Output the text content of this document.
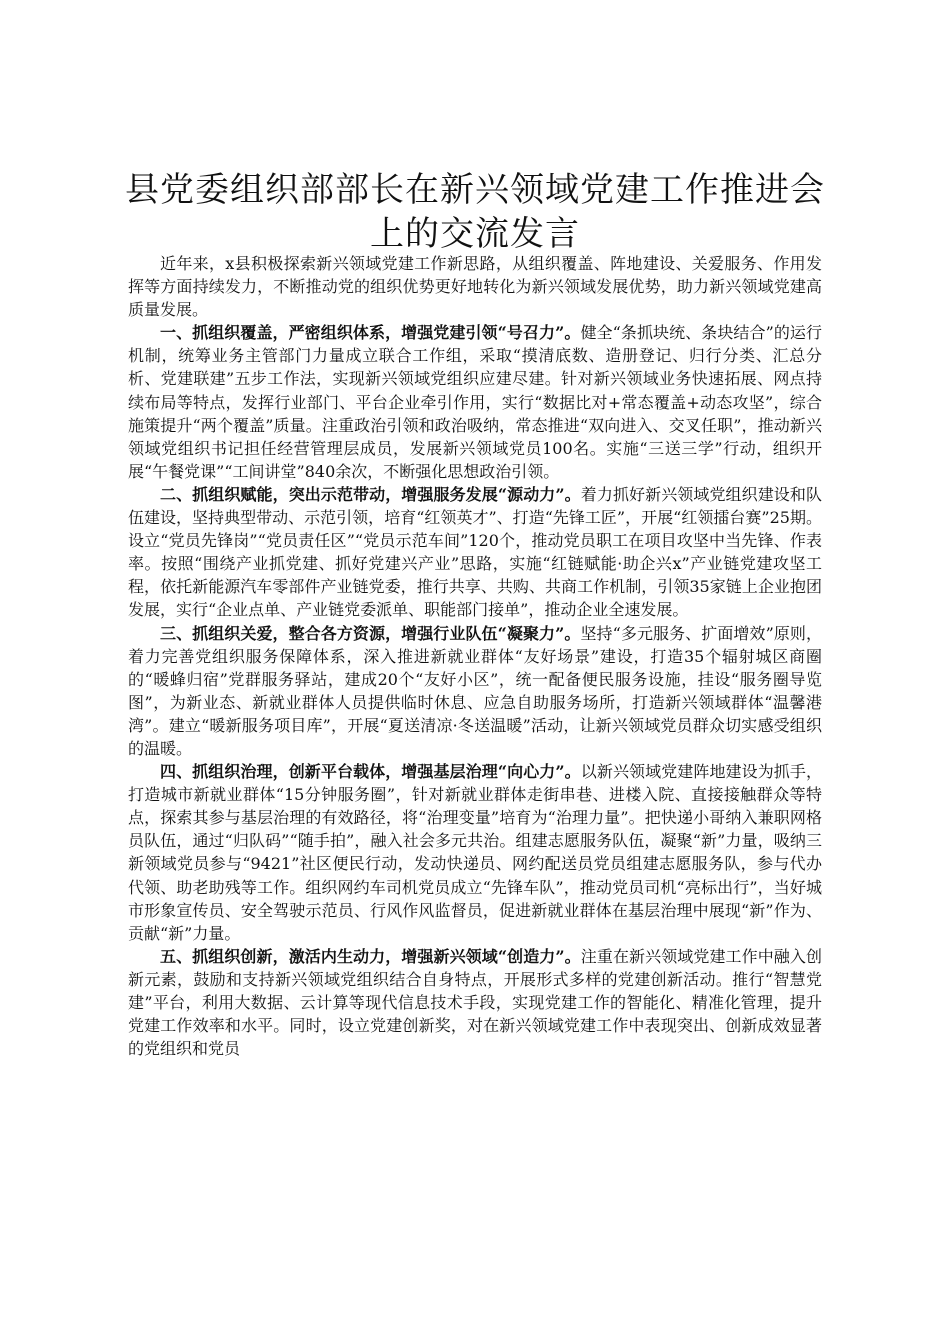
县党委组织部部长在新兴领域党建工作推进会
上的交流发言

近年来，x县积极探索新兴领域党建工作新思路，从组织覆盖、阵地建设、关爱服务、作用发挥等方面持续发力，不断推动党的组织优势更好地转化为新兴领域发展优势，助力新兴领域党建高质量发展。

一、抓组织覆盖，严密组织体系，增强党建引领“号召力”。健全“条抓块统、条块结合”的运行机制，统筹业务主管部门力量成立联合工作组，采取“摸清底数、造册登记、归行分类、汇总分析、党建联建”五步工作法，实现新兴领域党组织应建尽建。针对新兴领域业务快速拓展、网点持续布局等特点，发挥行业部门、平台企业牵引作用，实行“数据比对+常态覆盖+动态攻坚”，综合施策提升“两个覆盖”质量。注重政治引领和政治吸纳，常态推进“双向进入、交叉任职”，推动新兴领域党组织书记担任经营管理层成员，发展新兴领域党员100名。实施“三送三学”行动，组织开展“午餐党课”“工间讲堂”840余次，不断强化思想政治引领。

二、抓组织赋能，突出示范带动，增强服务发展“源动力”。着力抓好新兴领域党组织建设和队伍建设，坚持典型带动、示范引领，培育“红领英才”、打造“先锋工匠”，开展“红领擂台赛”25期。设立“党员先锋岗”“党员责任区”“党员示范车间”120个，推动党员职工在项目攻坚中当先锋、作表率。按照“围绕产业抓党建、抓好党建兴产业”思路，实施“红链赋能·助企兴x”产业链党建攻坚工程，依托新能源汽车零部件产业链党委，推行共享、共购、共商工作机制，引领35家链上企业抱团发展，实行“企业点单、产业链党委派单、职能部门接单”，推动企业全速发展。

三、抓组织关爱，整合各方资源，增强行业队伍“凝聚力”。坚持“多元服务、扩面增效”原则，着力完善党组织服务保障体系，深入推进新就业群体“友好场景”建设，打造35个辐射城区商圈的“暖蜂归宿”党群服务驿站，建成20个“友好小区”，统一配备便民服务设施，挂设“服务圈导览图”，为新业态、新就业群体人员提供临时休息、应急自助服务场所，打造新兴领域群体“温馨港湾”。建立“暖新服务项目库”，开展“夏送清凉·冬送温暖”活动，让新兴领域党员群众切实感受组织的温暖。

四、抓组织治理，创新平台载体，增强基层治理“向心力”。以新兴领域党建阵地建设为抓手，打造城市新就业群体“15分钟服务圈”，针对新就业群体走街串巷、进楼入院、直接接触群众等特点，探索其参与基层治理的有效路径，将“治理变量”培育为“治理力量”。把快递小哥纳入兼职网格员队伍，通过“归队码”“随手拍”，融入社会多元共治。组建志愿服务队伍，凝聚“新”力量，吸纳三新领域党员参与“9421”社区便民行动，发动快递员、网约配送员党员组建志愿服务队，参与代办代领、助老助残等工作。组织网约车司机党员成立“先锋车队”，推动党员司机“亮标出行”，当好城市形象宣传员、安全驾驶示范员、行风作风监督员，促进新就业群体在基层治理中展现“新”作为、贡献“新”力量。

五、抓组织创新，激活内生动力，增强新兴领域“创造力”。注重在新兴领域党建工作中融入创新元素，鼓励和支持新兴领域党组织结合自身特点，开展形式多样的党建创新活动。推行“智慧党建”平台，利用大数据、云计算等现代信息技术手段，实现党建工作的智能化、精准化管理，提升党建工作效率和水平。同时，设立党建创新奖，对在新兴领域党建工作中表现突出、创新成效显著的党组织和党员
